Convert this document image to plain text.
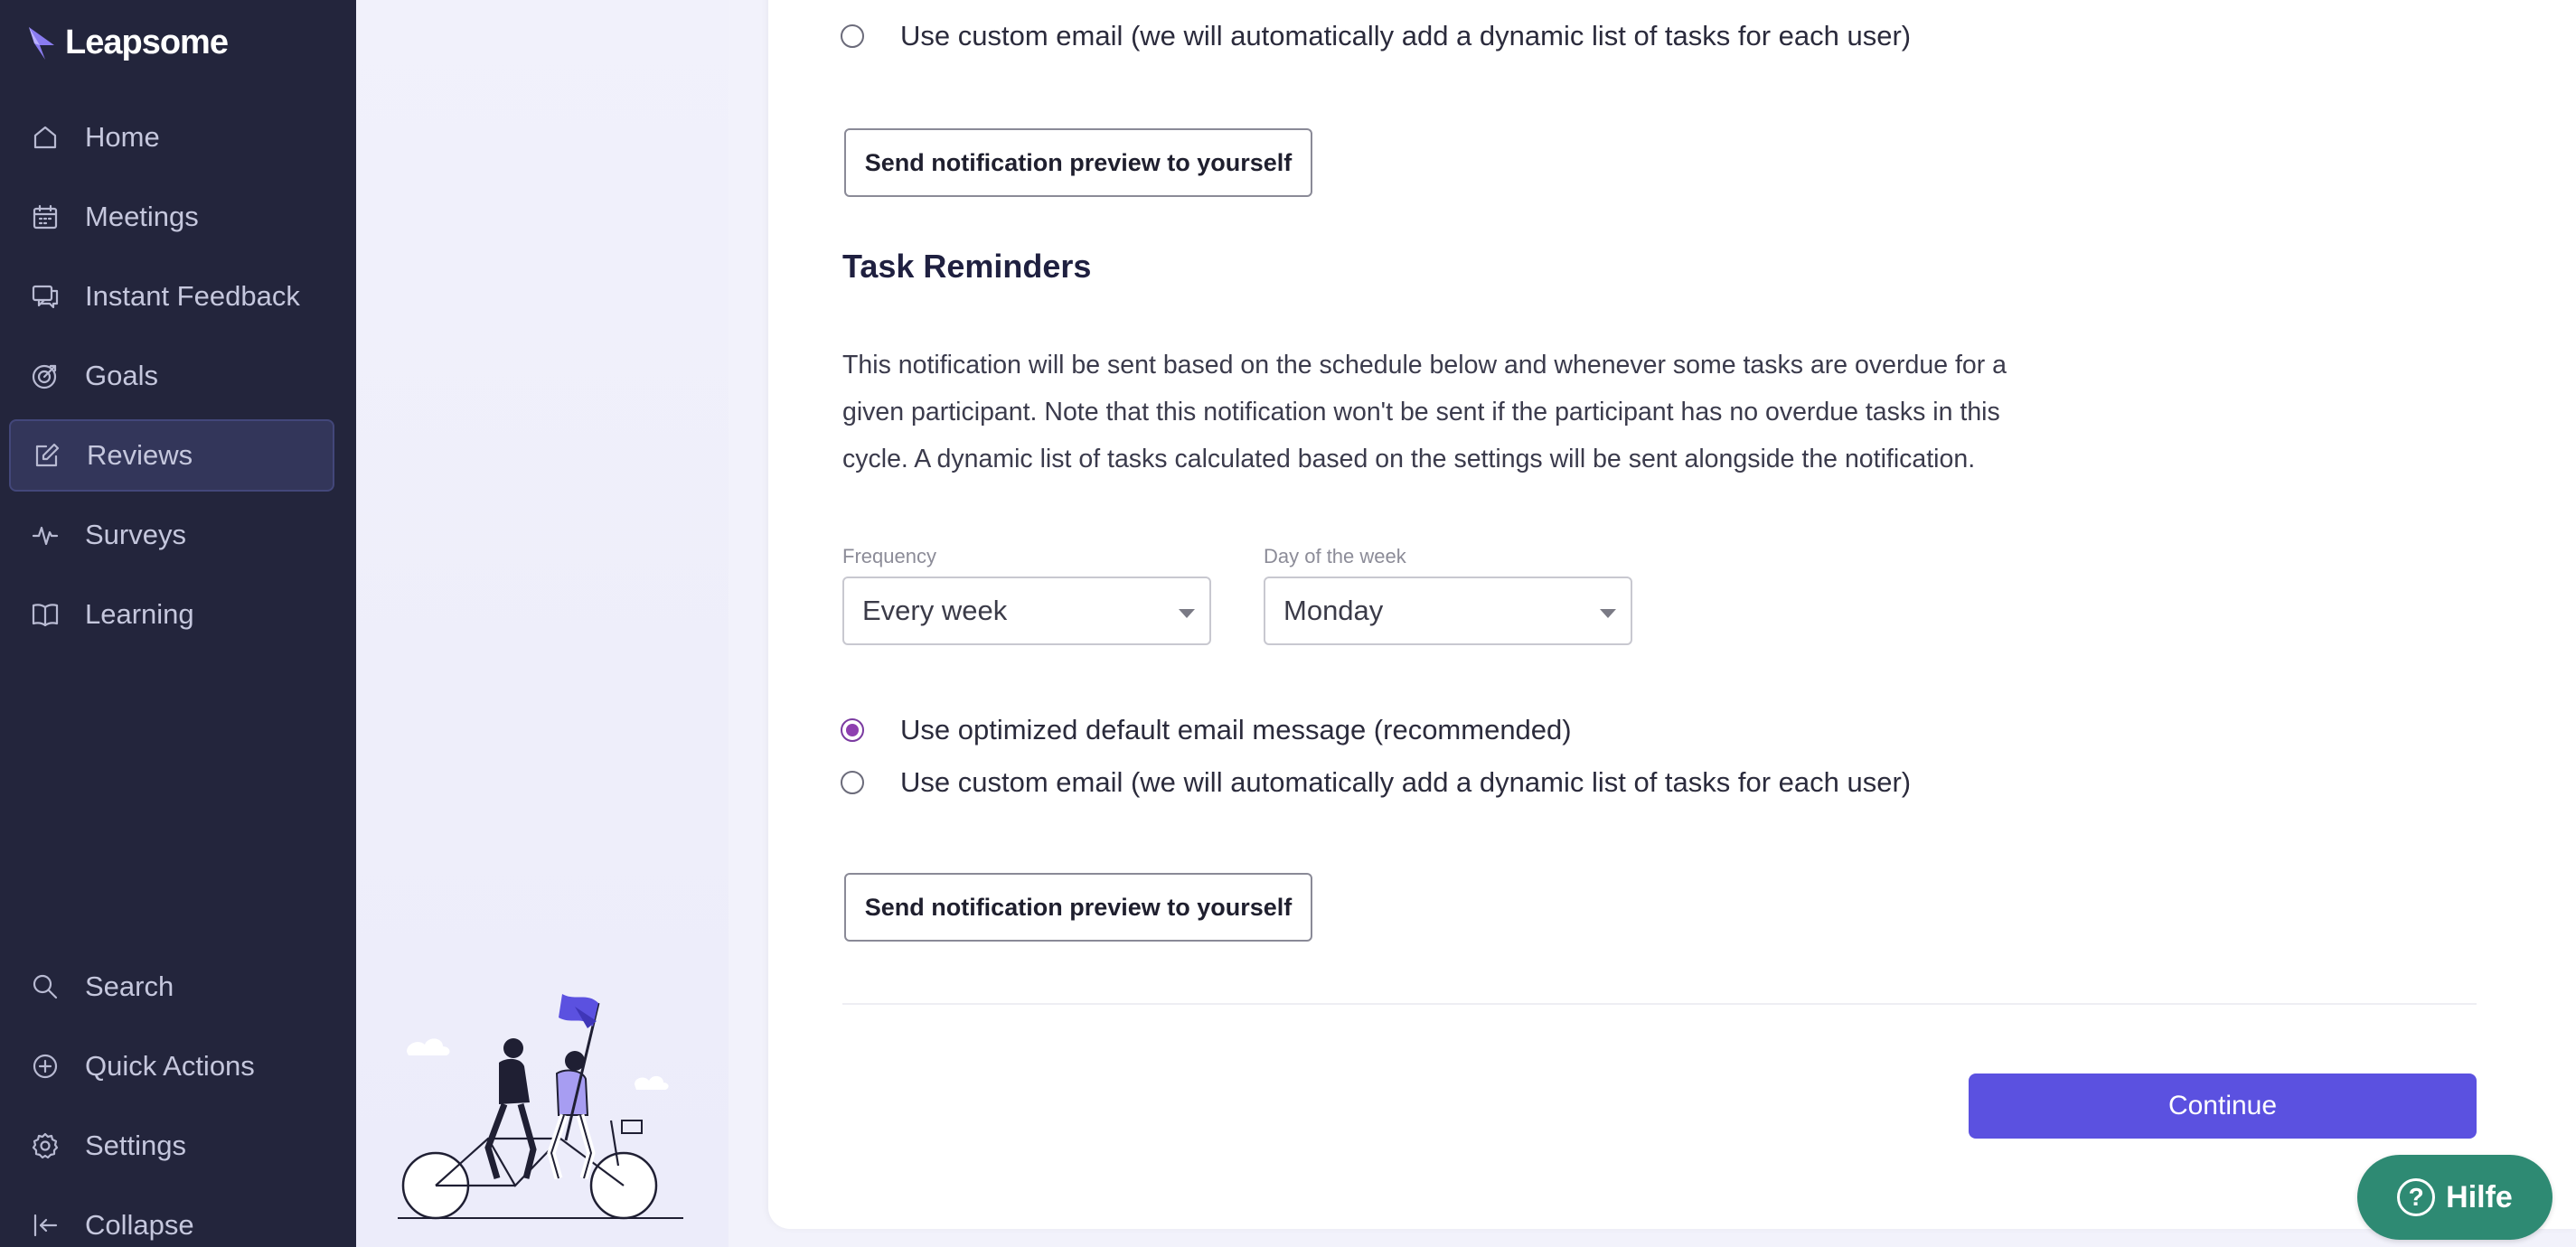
Leapsome
Home
Meetings
Instant Feedback
Goals
Reviews
Surveys
Learning
Search
Quick Actions
Settings
Collapse
Use custom email (we will automatically add a dynamic list of tasks for each user)
Send notification preview to yourself
Task Reminders

This notification will be sent based on the schedule below and whenever some tasks are overdue for a given participant. Note that this notification won't be sent if the participant has no overdue tasks in this cycle. A dynamic list of tasks calculated based on the settings will be sent alongside the notification.

Frequency
Every week
Day of the week
Monday
Use optimized default email message (recommended)
Use custom email (we will automatically add a dynamic list of tasks for each user)
Send notification preview to yourself
Continue
? Hilfe
